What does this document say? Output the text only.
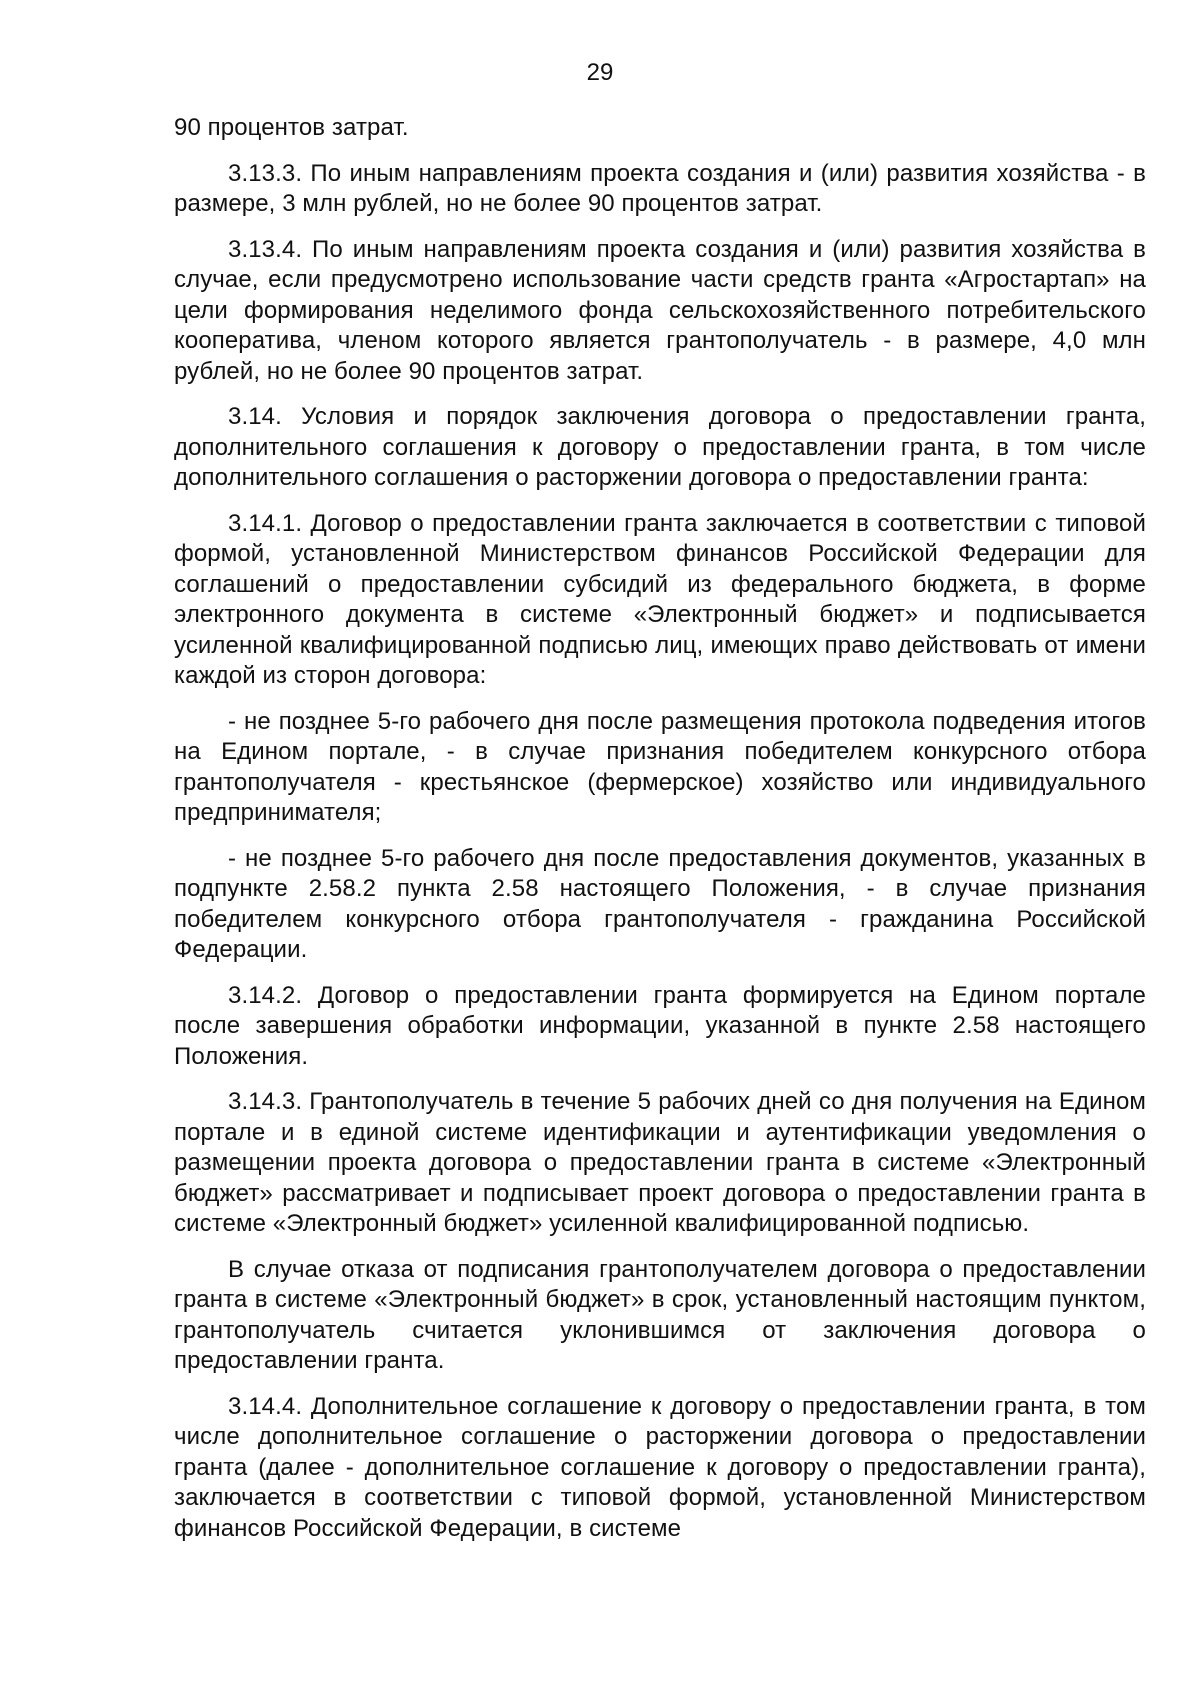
29

90 процентов затрат.

3.13.3. По иным направлениям проекта создания и (или) развития хозяйства - в размере, 3 млн рублей, но не более 90 процентов затрат.

3.13.4. По иным направлениям проекта создания и (или) развития хозяйства в случае, если предусмотрено использование части средств гранта «Агростартап» на цели формирования неделимого фонда сельскохозяйственного потребительского кооператива, членом которого является грантополучатель - в размере, 4,0 млн рублей, но не более 90 процентов затрат.

3.14. Условия и порядок заключения договора о предоставлении гранта, дополнительного соглашения к договору о предоставлении гранта, в том числе дополнительного соглашения о расторжении договора о предоставлении гранта:

3.14.1. Договор о предоставлении гранта заключается в соответствии с типовой формой, установленной Министерством финансов Российской Федерации для соглашений о предоставлении субсидий из федерального бюджета, в форме электронного документа в системе «Электронный бюджет» и подписывается усиленной квалифицированной подписью лиц, имеющих право действовать от имени каждой из сторон договора:

- не позднее 5-го рабочего дня после размещения протокола подведения итогов на Едином портале, - в случае признания победителем конкурсного отбора грантополучателя - крестьянское (фермерское) хозяйство или индивидуального предпринимателя;

- не позднее 5-го рабочего дня после предоставления документов, указанных в подпункте 2.58.2 пункта 2.58 настоящего Положения, - в случае признания победителем конкурсного отбора грантополучателя - гражданина Российской Федерации.

3.14.2. Договор о предоставлении гранта формируется на Едином портале после завершения обработки информации, указанной в пункте 2.58 настоящего Положения.

3.14.3. Грантополучатель в течение 5 рабочих дней со дня получения на Едином портале и в единой системе идентификации и аутентификации уведомления о размещении проекта договора о предоставлении гранта в системе «Электронный бюджет» рассматривает и подписывает проект договора о предоставлении гранта в системе «Электронный бюджет» усиленной квалифицированной подписью.

В случае отказа от подписания грантополучателем договора о предоставлении гранта в системе «Электронный бюджет» в срок, установленный настоящим пунктом, грантополучатель считается уклонившимся от заключения договора о предоставлении гранта.

3.14.4. Дополнительное соглашение к договору о предоставлении гранта, в том числе дополнительное соглашение о расторжении договора о предоставлении гранта (далее - дополнительное соглашение к договору о предоставлении гранта), заключается в соответствии с типовой формой, установленной Министерством финансов Российской Федерации, в системе
